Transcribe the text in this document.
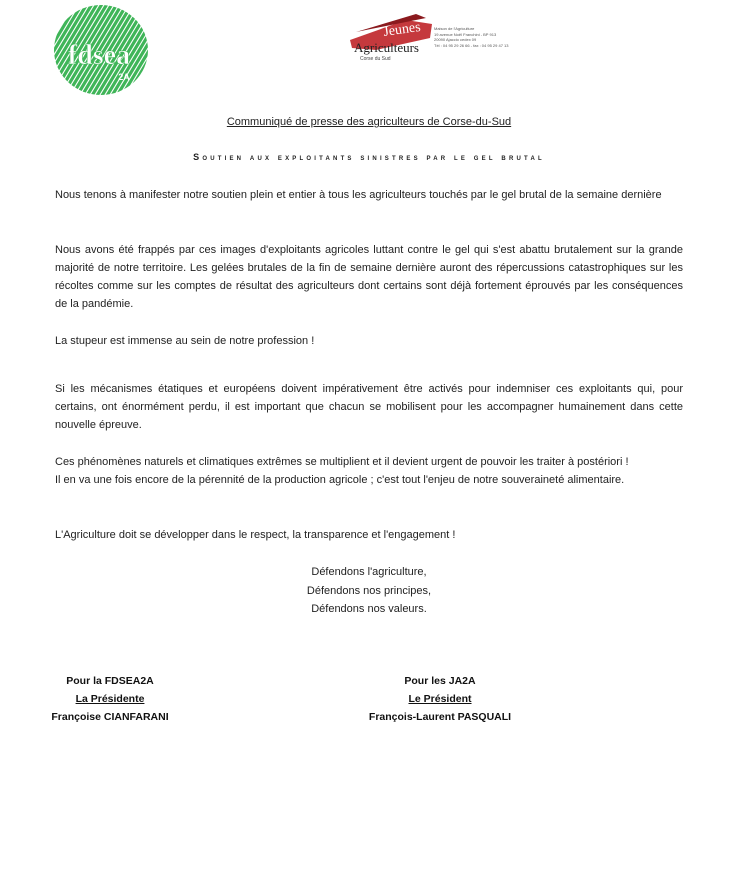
fdsea
2A
Jeunes
Agriculteurs
Corse du Sud
Maison de l'Agriculture
19 avenue Noël Franchini - BP 913
20090 Ajaccio cedex 09
Tél : 04 95 29 26 66 - fax : 04 95 29 47 13
Communiqué de presse des agriculteurs de Corse-du-Sud
Soutien aux exploitants sinistres par le gel brutal
Nous tenons à manifester notre soutien plein et entier à tous les agriculteurs touchés par le gel brutal de la semaine dernière
Nous avons été frappés par ces images d'exploitants agricoles luttant contre le gel qui s'est abattu brutalement sur la grande majorité de notre territoire. Les gelées brutales de la fin de semaine dernière auront des répercussions catastrophiques sur les récoltes comme sur les comptes de résultat des agriculteurs dont certains sont déjà fortement éprouvés par les conséquences de la pandémie.
La stupeur est immense au sein de notre profession !
Si les mécanismes étatiques et européens doivent impérativement être activés pour indemniser ces exploitants qui, pour certains, ont énormément perdu, il est important que chacun se mobilisent pour les accompagner humainement dans cette nouvelle épreuve.
Ces phénomènes naturels et climatiques extrêmes se multiplient et il devient urgent de pouvoir les traiter à postériori !
Il en va une fois encore de la pérennité de la production agricole ; c'est tout l'enjeu de notre souveraineté alimentaire.
L'Agriculture doit se développer dans le respect, la transparence et l'engagement !
Défendons l'agriculture,
Défendons nos principes,
Défendons nos valeurs.
Pour la FDSEA2A
La Présidente
Françoise CIANFARANI
Pour les JA2A
Le Président
François-Laurent PASQUALI
